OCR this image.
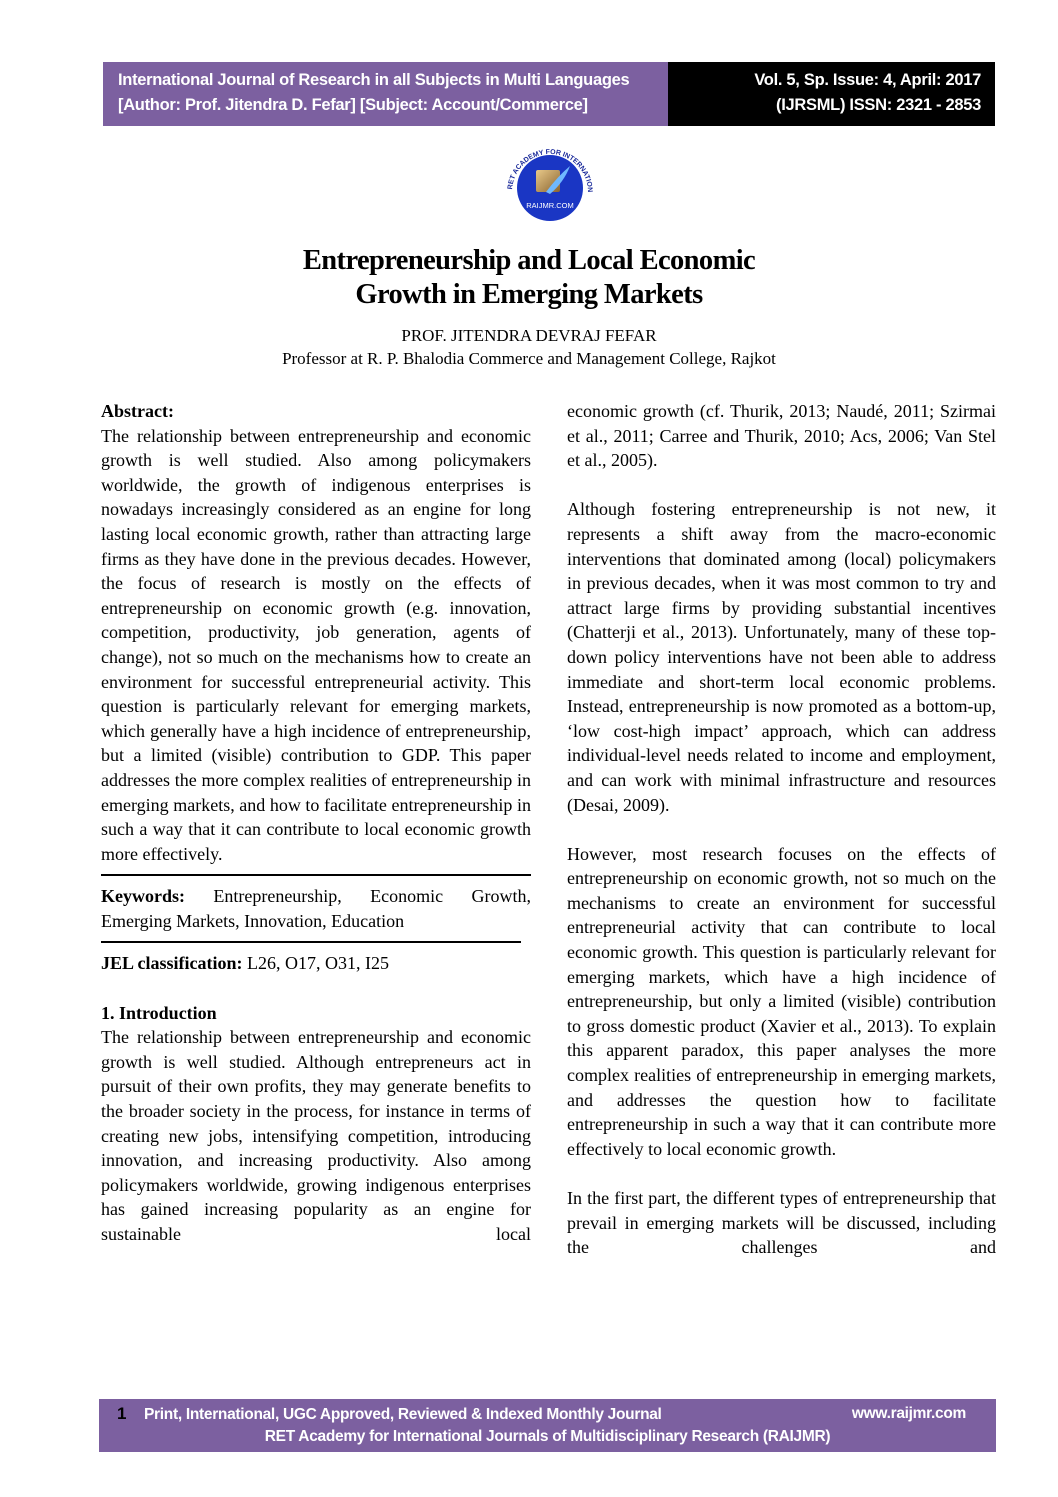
International Journal of Research in all Subjects in Multi Languages
[Author: Prof. Jitendra D. Fefar] [Subject: Account/Commerce]
Vol. 5, Sp. Issue: 4, April: 2017
(IJRSML) ISSN: 2321 - 2853
RET ACADEMY FOR INTERNATION
RAIJMR.COM
Entrepreneurship and Local Economic
Growth in Emerging Markets
PROF. JITENDRA DEVRAJ FEFAR
Professor at R. P. Bhalodia Commerce and Management College, Rajkot

Abstract:

The relationship between entrepreneurship and economic growth is well studied. Also among policymakers worldwide, the growth of indigenous enterprises is nowadays increasingly considered as an engine for long lasting local economic growth, rather than attracting large firms as they have done in the previous decades. However, the focus of research is mostly on the effects of entrepreneurship on economic growth (e.g. innovation, competition, productivity, job generation, agents of change), not so much on the mechanisms how to create an environment for successful entrepreneurial activity. This question is particularly relevant for emerging markets, which generally have a high incidence of entrepreneurship, but a limited (visible) contribution to GDP. This paper addresses the more complex realities of entrepreneurship in emerging markets, and how to facilitate entrepreneurship in such a way that it can contribute to local economic growth more effectively.

Keywords: Entrepreneurship, Economic Growth, Emerging Markets, Innovation, Education

JEL classification: L26, O17, O31, I25

1. Introduction

The relationship between entrepreneurship and economic growth is well studied. Although entrepreneurs act in pursuit of their own profits, they may generate benefits to the broader society in the process, for instance in terms of creating new jobs, intensifying competition, introducing innovation, and increasing productivity. Also among policymakers worldwide, growing indigenous enterprises has gained increasing popularity as an engine for sustainable local

economic growth (cf. Thurik, 2013; Naudé, 2011; Szirmai et al., 2011; Carree and Thurik, 2010; Acs, 2006; Van Stel et al., 2005).

Although fostering entrepreneurship is not new, it represents a shift away from the macro-economic interventions that dominated among (local) policymakers in previous decades, when it was most common to try and attract large firms by providing substantial incentives (Chatterji et al., 2013). Unfortunately, many of these top-down policy interventions have not been able to address immediate and short-term local economic problems. Instead, entrepreneurship is now promoted as a bottom-up, ‘low cost-high impact’ approach, which can address individual-level needs related to income and employment, and can work with minimal infrastructure and resources (Desai, 2009).

However, most research focuses on the effects of entrepreneurship on economic growth, not so much on the mechanisms to create an environment for successful entrepreneurial activity that can contribute to local economic growth. This question is particularly relevant for emerging markets, which have a high incidence of entrepreneurship, but only a limited (visible) contribution to gross domestic product (Xavier et al., 2013). To explain this apparent paradox, this paper analyses the more complex realities of entrepreneurship in emerging markets, and addresses the question how to facilitate entrepreneurship in such a way that it can contribute more effectively to local economic growth.

In the first part, the different types of entrepreneurship that prevail in emerging markets will be discussed, including the challenges and

1 Print, International, UGC Approved, Reviewed & Indexed Monthly Journal	www.raijmr.com
RET Academy for International Journals of Multidisciplinary Research (RAIJMR)
